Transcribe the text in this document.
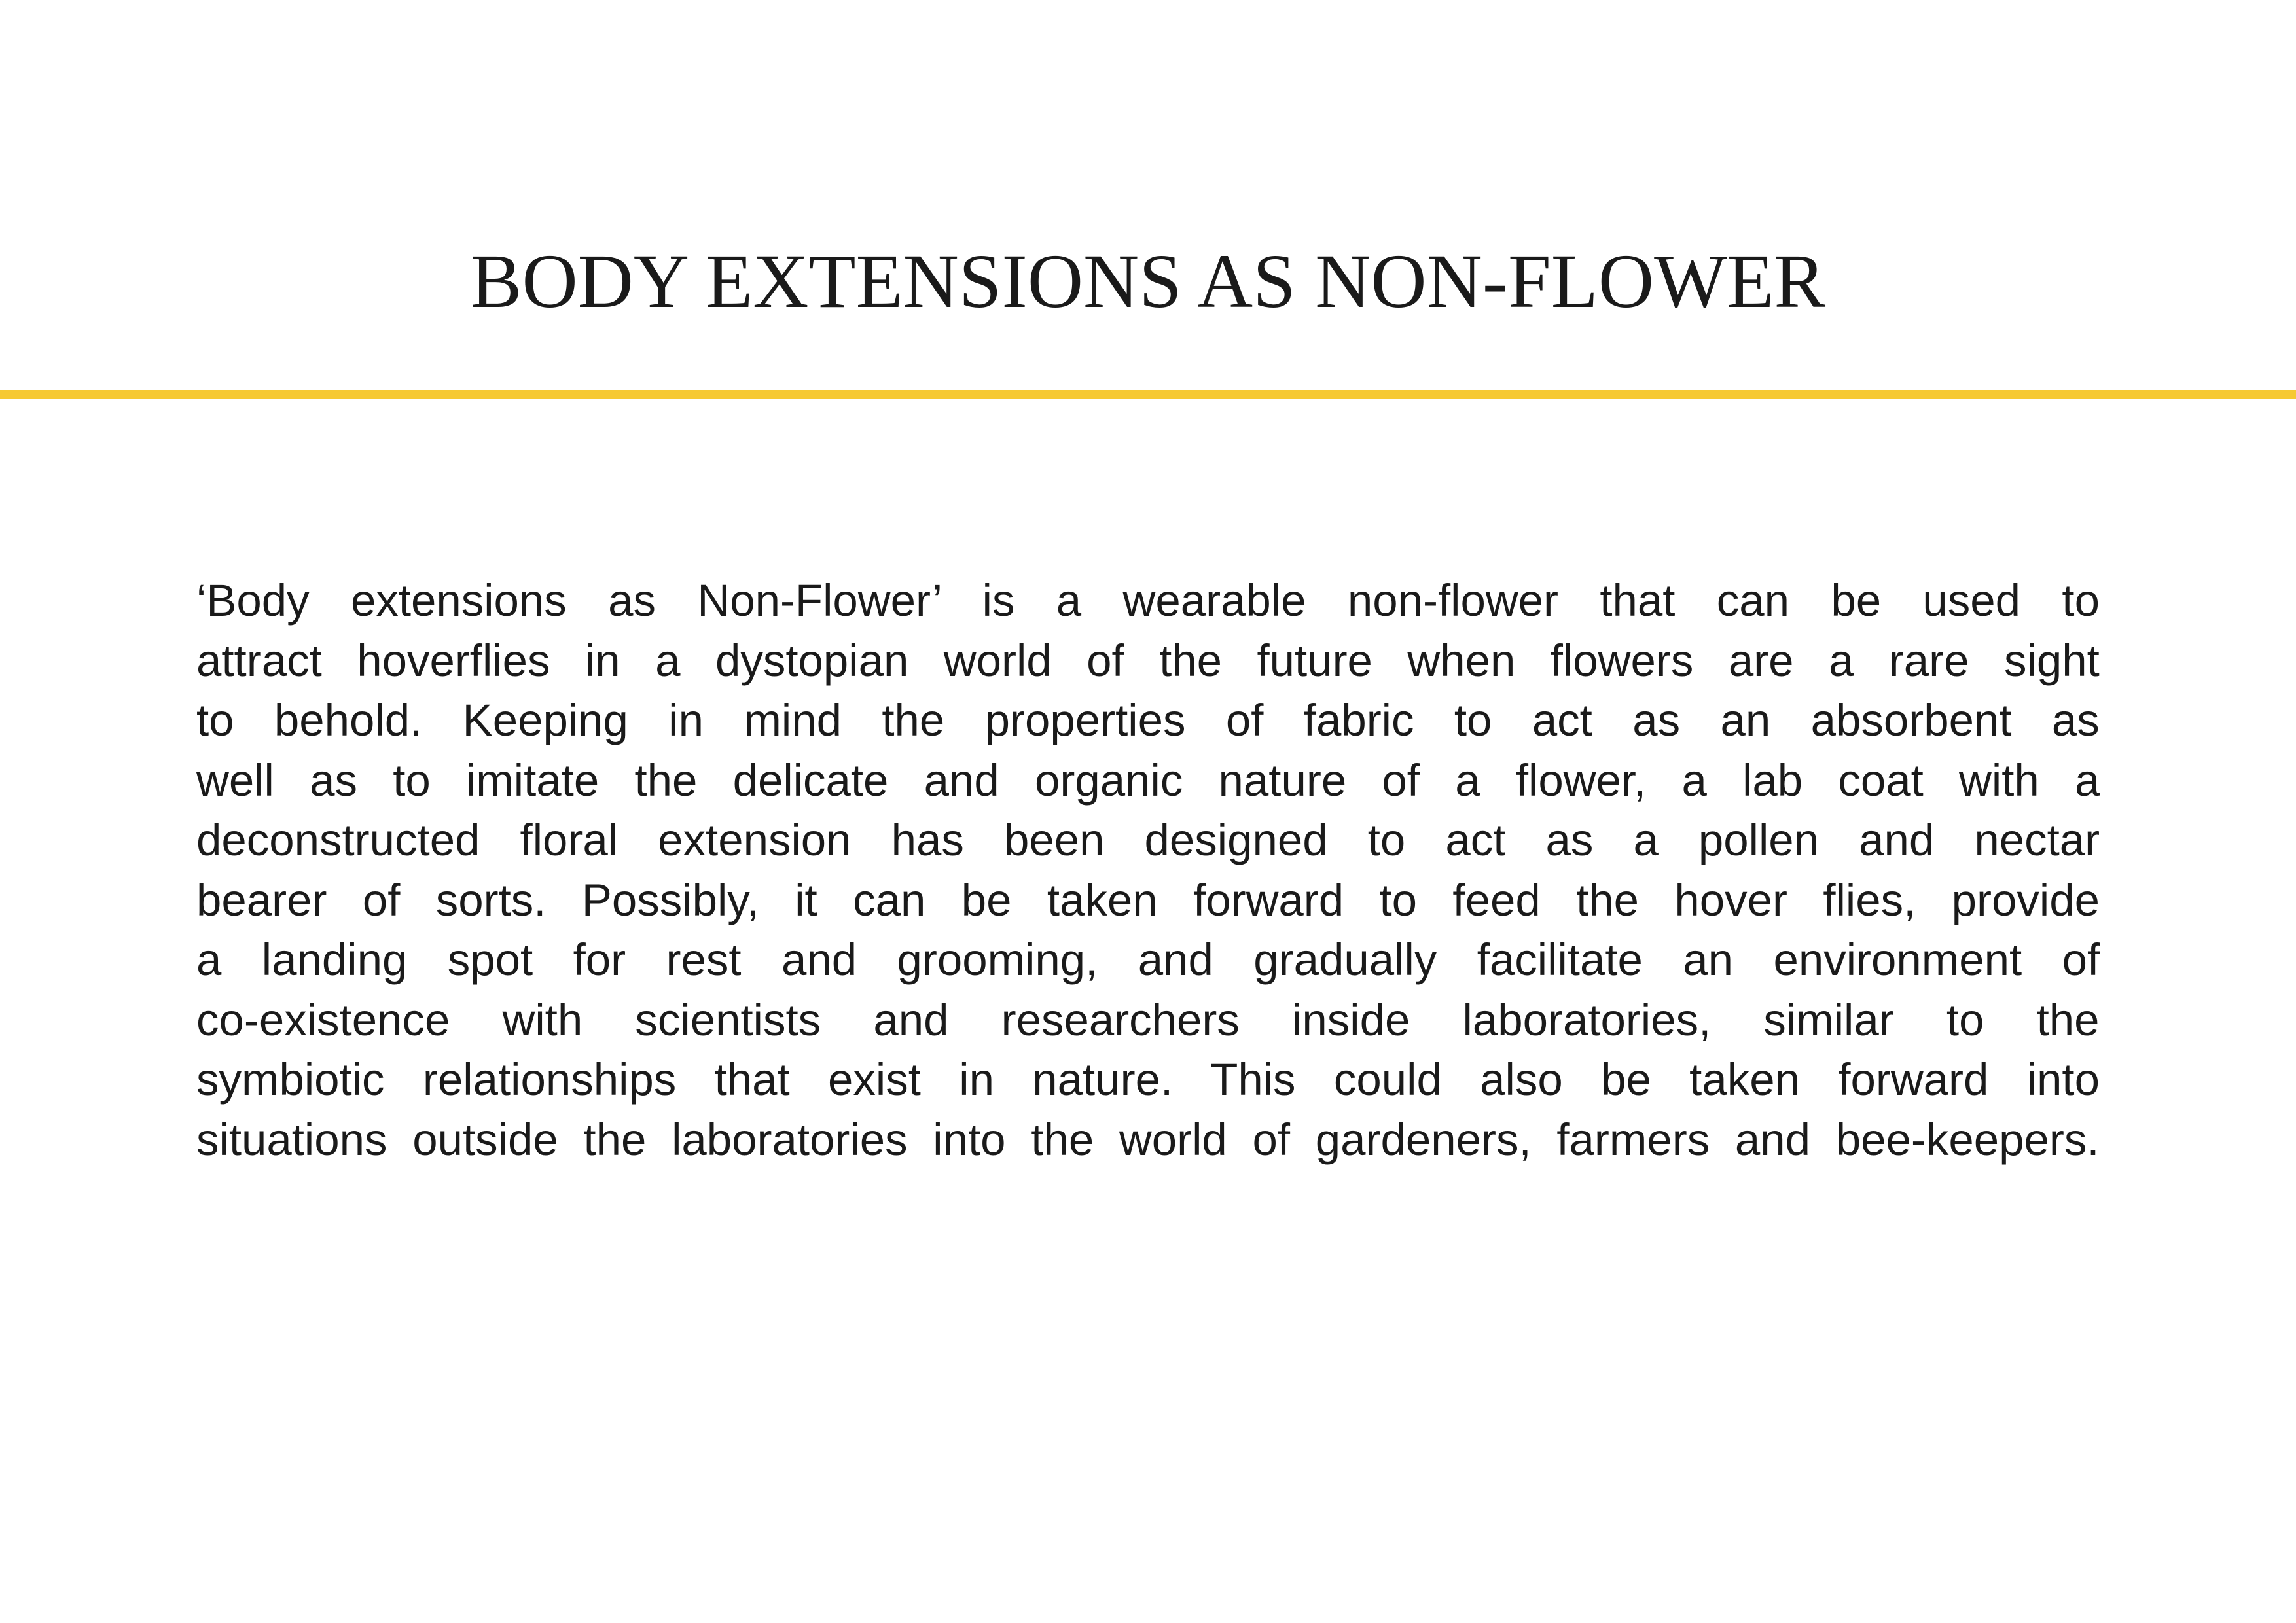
BODY EXTENSIONS AS NON-FLOWER
‘Body extensions as Non-Flower’ is a wearable non-flower that can be used to
attract hoverflies in a dystopian world of the future when flowers are a rare sight
to behold. Keeping in mind the properties of fabric to act as an absorbent as
well as to imitate the delicate and organic nature of a flower, a lab coat with a
deconstructed floral extension has been designed to act as a pollen and nectar
bearer of sorts. Possibly, it can be taken forward to feed the hover flies, provide
a landing spot for rest and grooming, and gradually facilitate an environment of
co-existence with scientists and researchers inside laboratories, similar to the
symbiotic relationships that exist in nature. This could also be taken forward into
situations outside the laboratories into the world of gardeners, farmers and bee-keepers.
